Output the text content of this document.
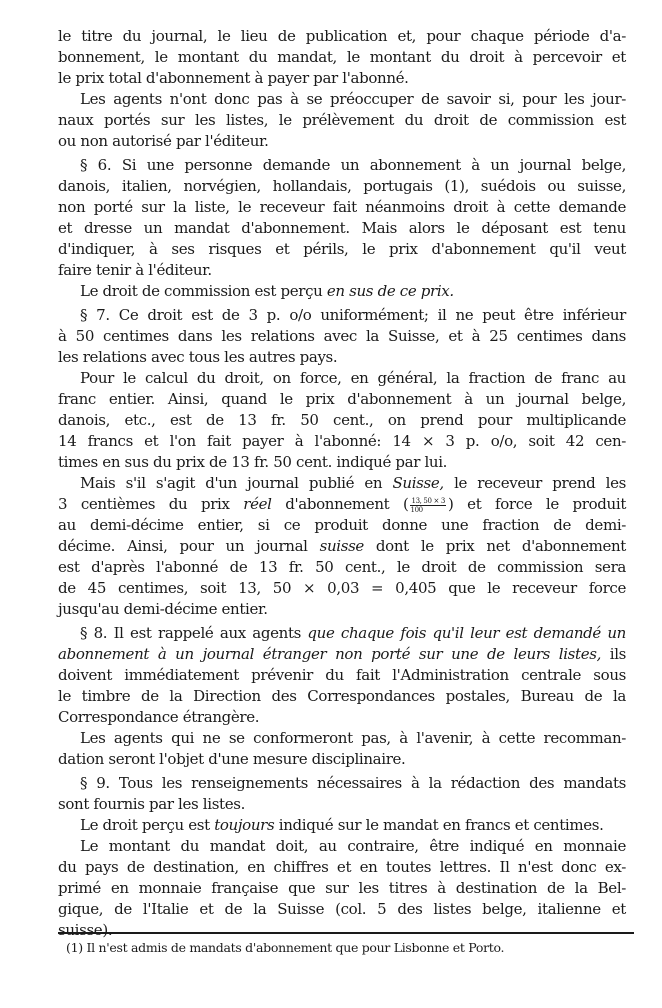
le titre du journal, le lieu de publication et, pour chaque période d'a-
bonnement, le montant du mandat, le montant du droit à percevoir et
le prix total d'abonnement à payer par l'abonné.
Les agents n'ont donc pas à se préoccuper de savoir si, pour les jour-
naux portés sur les listes, le prélèvement du droit de commission est
ou non autorisé par l'éditeur.
§ 6. Si une personne demande un abonnement à un journal belge,
danois, italien, norvégien, hollandais, portugais (1), suédois ou suisse,
non porté sur la liste, le receveur fait néanmoins droit à cette demande
et dresse un mandat d'abonnement. Mais alors le déposant est tenu
d'indiquer, à ses risques et périls, le prix d'abonnement qu'il veut
faire tenir à l'éditeur.
Le droit de commission est perçu en sus de ce prix.
§ 7. Ce droit est de 3 p. o/o uniformément; il ne peut être inférieur
à 50 centimes dans les relations avec la Suisse, et à 25 centimes dans
les relations avec tous les autres pays.
Pour le calcul du droit, on force, en général, la fraction de franc au
franc entier. Ainsi, quand le prix d'abonnement à un journal belge,
danois, etc., est de 13 fr. 50 cent., on prend pour multiplicande
14 francs et l'on fait payer à l'abonné: 14 × 3 p. o/o, soit 42 cen-
times en sus du prix de 13 fr. 50 cent. indiqué par lui.
Mais s'il s'agit d'un journal publié en Suisse, le receveur prend les
3 centièmes du prix réel d'abonnement ( $\frac{13, 50 \times 3}{100}$ ) et force le produit
au demi-décime entier, si ce produit donne une fraction de demi-
décime. Ainsi, pour un journal suisse dont le prix net d'abonnement
est d'après l'abonné de 13 fr. 50 cent., le droit de commission sera
de 45 centimes, soit 13, 50 × 0,03 = 0,405 que le receveur force
jusqu'au demi-décime entier.
§ 8. Il est rappelé aux agents que chaque fois qu'il leur est demandé un
abonnement à un journal étranger non porté sur une de leurs listes, ils
doivent immédiatement prévenir du fait l'Administration centrale sous
le timbre de la Direction des Correspondances postales, Bureau de la
Correspondance étrangère.
Les agents qui ne se conformeront pas, à l'avenir, à cette recomman-
dation seront l'objet d'une mesure disciplinaire.
§ 9. Tous les renseignements nécessaires à la rédaction des mandats
sont fournis par les listes.
Le droit perçu est toujours indiqué sur le mandat en francs et centimes.
Le montant du mandat doit, au contraire, être indiqué en monnaie
du pays de destination, en chiffres et en toutes lettres. Il n'est donc ex-
primé en monnaie française que sur les titres à destination de la Bel-
gique, de l'Italie et de la Suisse (col. 5 des listes belge, italienne et
suisse).
(1) Il n'est admis de mandats d'abonnement que pour Lisbonne et Porto.
